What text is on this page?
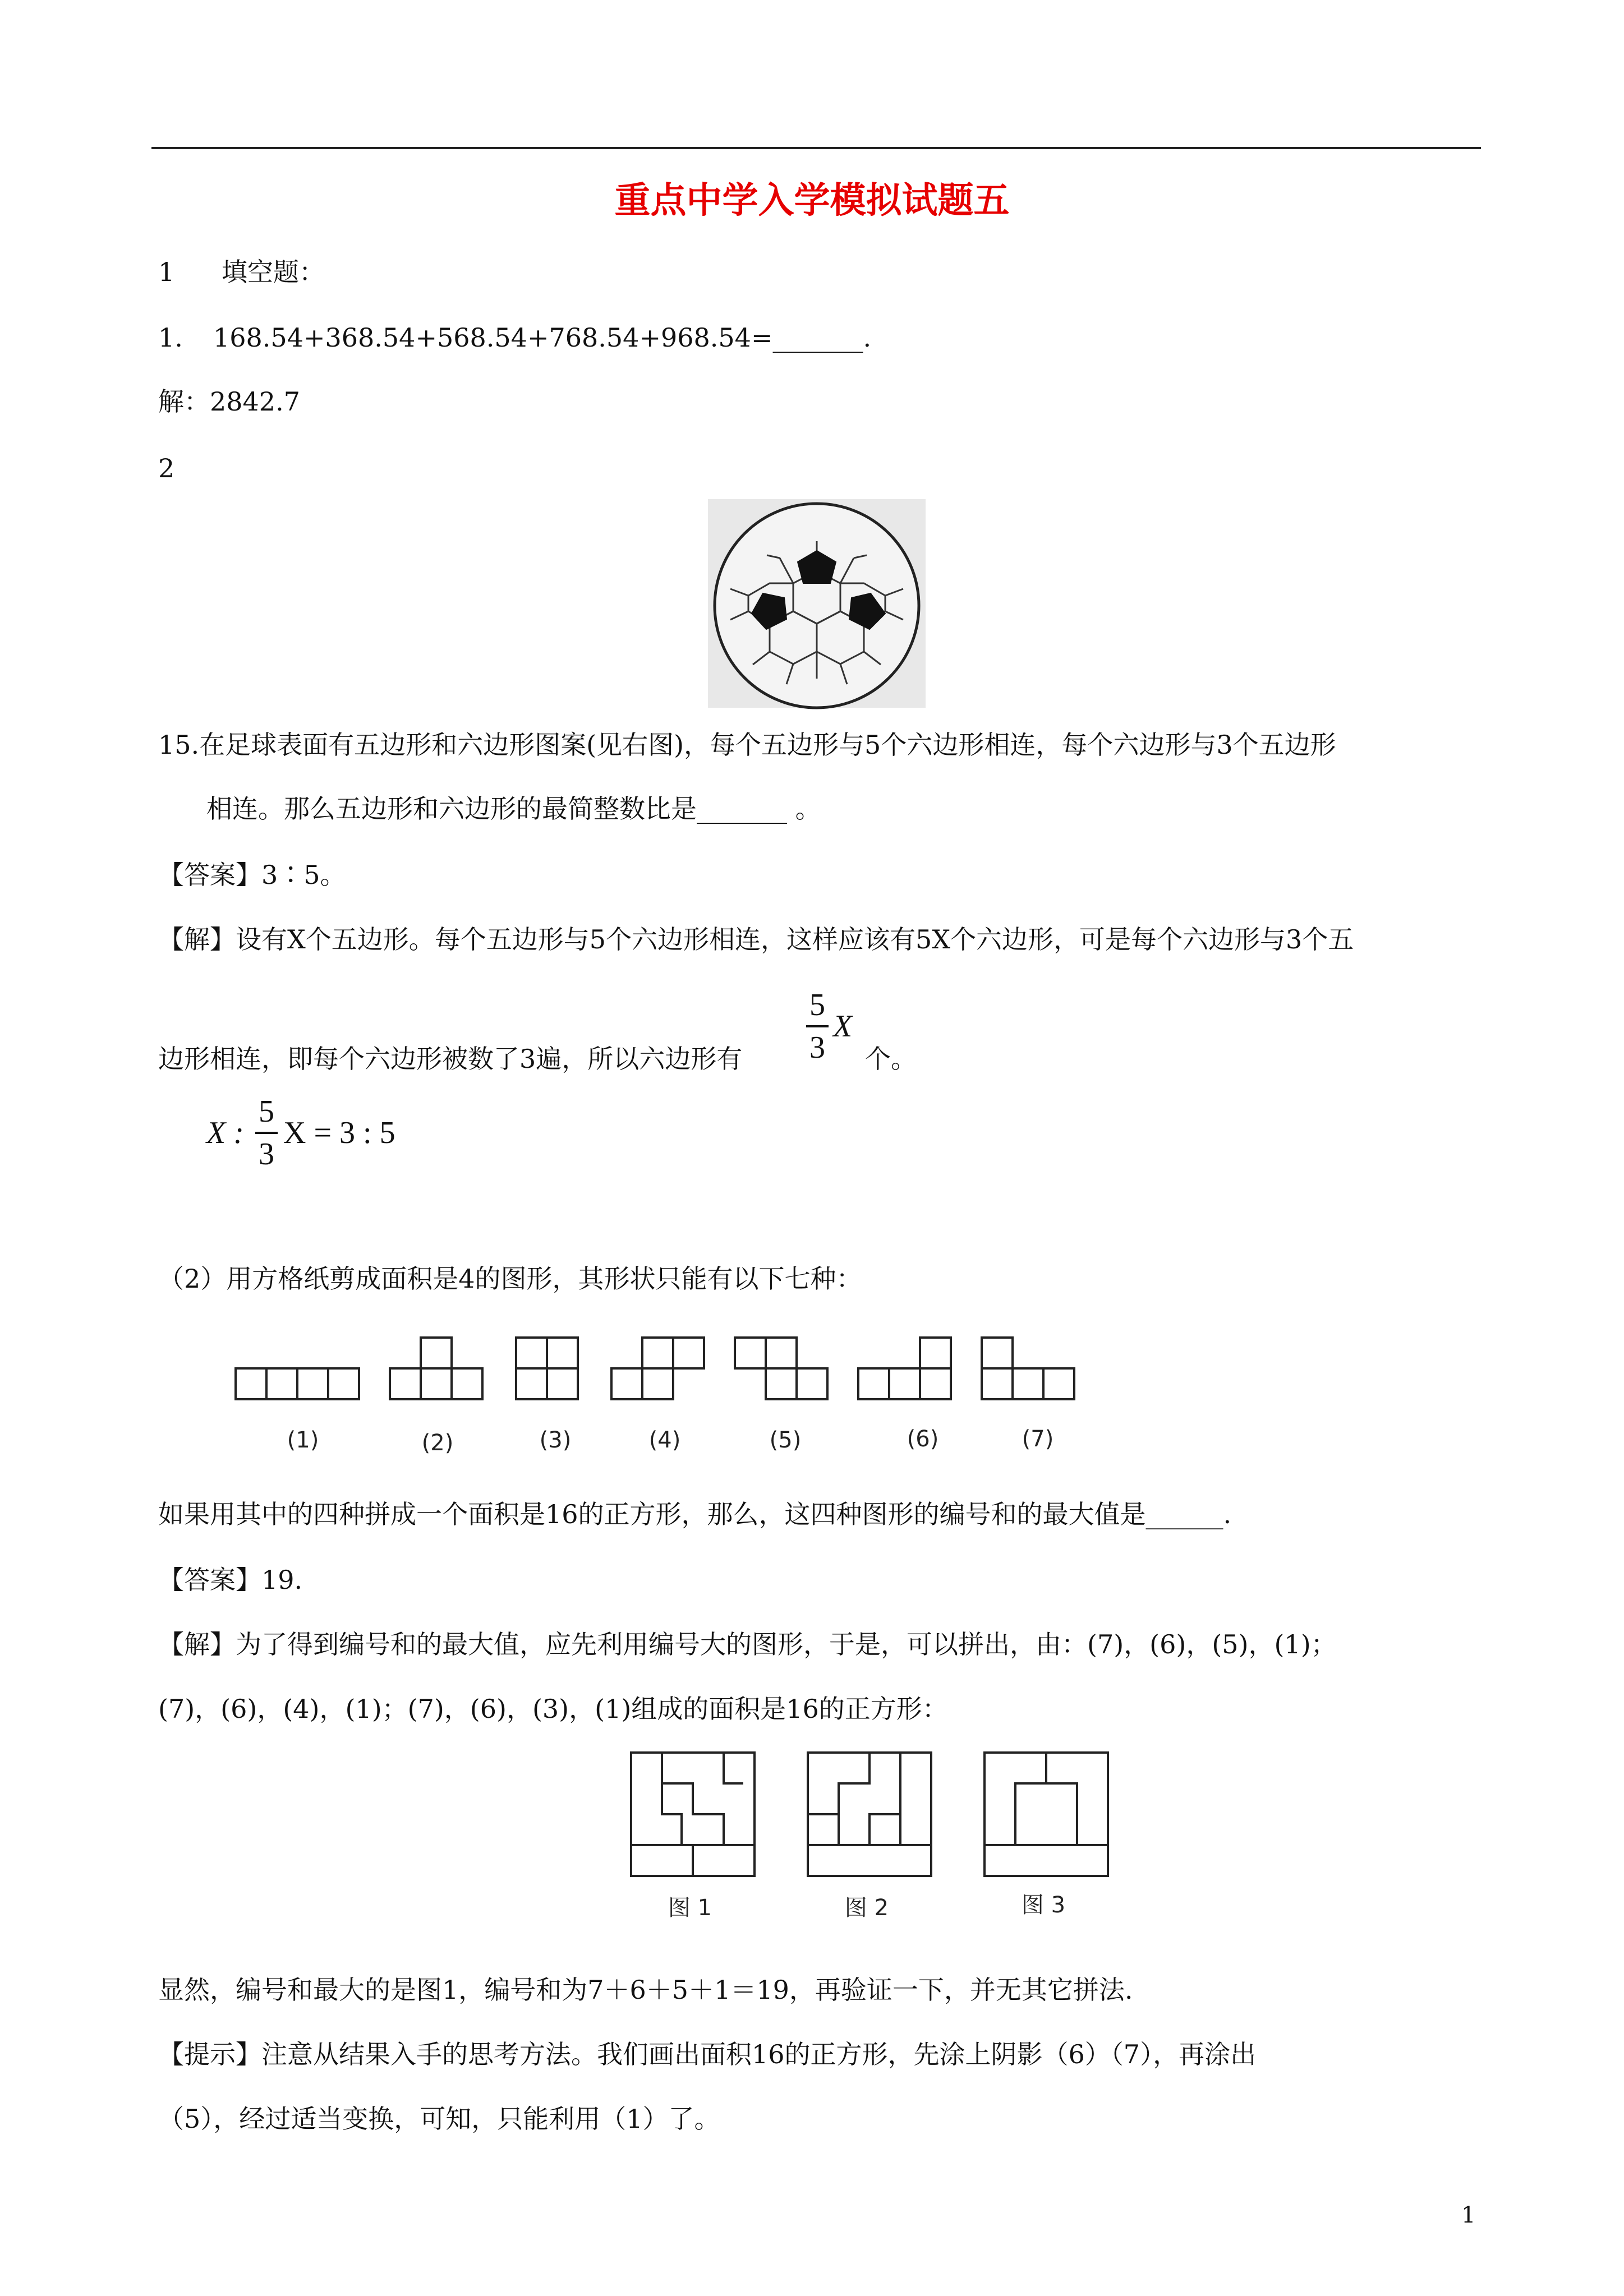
重点中学入学模拟试题五
1 填空题：
1. 168.54+368.54+568.54+768.54+968.54=_______.
解：2842.7
2
15.在足球表面有五边形和六边形图案(见右图)，每个五边形与5个六边形相连，每个六边形与3个五边形
相连。那么五边形和六边形的最简整数比是_______ 。
【答案】3∶5。
【解】设有X个五边形。每个五边形与5个六边形相连，这样应该有5X个六边形，可是每个六边形与3个五
边形相连，即每个六边形被数了3遍，所以六边形有
5
3
X
个。
X :
5
3
X = 3 : 5
（2）用方格纸剪成面积是4的图形，其形状只能有以下七种：
(1)	(2)	(3)	(4)	(5)	(6)	(7)
如果用其中的四种拼成一个面积是16的正方形，那么，这四种图形的编号和的最大值是______.
【答案】19.
【解】为了得到编号和的最大值，应先利用编号大的图形，于是，可以拼出，由：(7)，(6)，(5)，(1)；
(7)，(6)，(4)，(1)；(7)，(6)，(3)，(1)组成的面积是16的正方形：
图 1	图 2	图 3
显然，编号和最大的是图1，编号和为7＋6＋5＋1＝19，再验证一下，并无其它拼法.
【提示】注意从结果入手的思考方法。我们画出面积16的正方形，先涂上阴影（6）（7），再涂出
（5），经过适当变换，可知，只能利用（1）了。
1
